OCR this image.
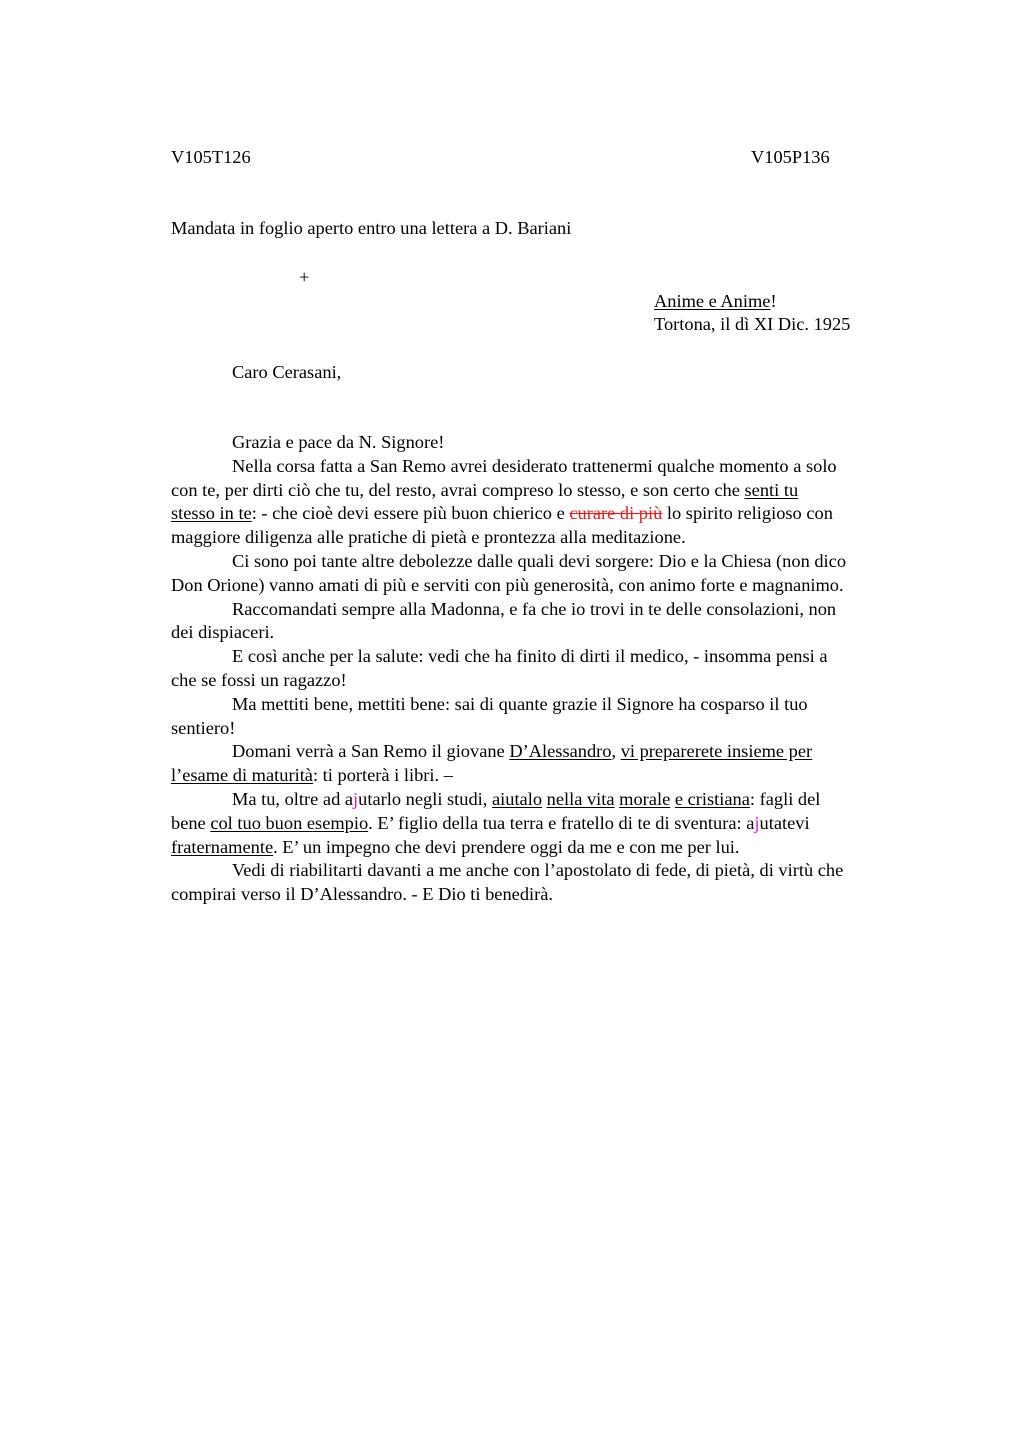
V105T126	V105P136
Mandata in foglio aperto entro una lettera a D. Bariani
+
Anime e Anime!
Tortona, il dì XI Dic. 1925
Caro Cerasani,

Grazia e pace da N. Signore!

Nella corsa fatta a San Remo avrei desiderato trattenermi qualche momento a solo

con te, per dirti ciò che tu, del resto, avrai compreso lo stesso, e son certo che senti tu

stesso in te: - che cioè devi essere più buon chierico e curare di più lo spirito religioso con

maggiore diligenza alle pratiche di pietà e prontezza alla meditazione.

Ci sono poi tante altre debolezze dalle quali devi sorgere: Dio e la Chiesa (non dico

Don Orione) vanno amati di più e serviti con più generosità, con animo forte e magnanimo.

Raccomandati sempre alla Madonna, e fa che io trovi in te delle consolazioni, non

dei dispiaceri.

E così anche per la salute: vedi che ha finito di dirti il medico, - insomma pensi a

che se fossi un ragazzo!

Ma mettiti bene, mettiti bene: sai di quante grazie il Signore ha cosparso il tuo

sentiero!

Domani verrà a San Remo il giovane D’Alessandro, vi preparerete insieme per

l’esame di maturità: ti porterà i libri. –

Ma tu, oltre ad ajutarlo negli studi, aiutalo nella vita morale e cristiana: fagli del

bene col tuo buon esempio. E’ figlio della tua terra e fratello di te di sventura: ajutatevi

fraternamente. E’ un impegno che devi prendere oggi da me e con me per lui.

Vedi di riabilitarti davanti a me anche con l’apostolato di fede, di pietà, di virtù che

compirai verso il D’Alessandro. - E Dio ti benedirà.
